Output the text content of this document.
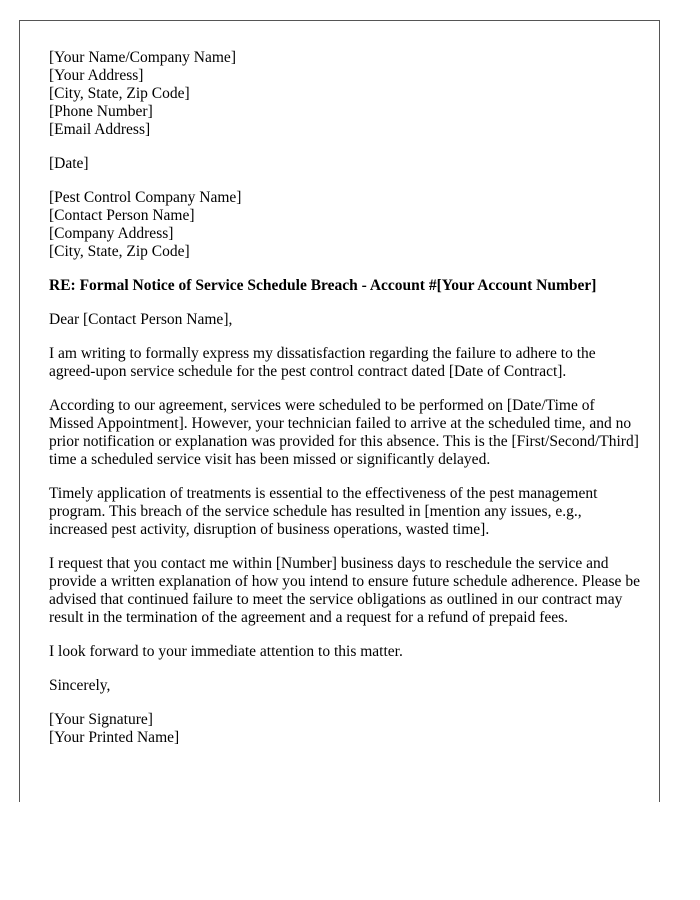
[Your Name/Company Name]
[Your Address]
[City, State, Zip Code]
[Phone Number]
[Email Address]
[Date]
[Pest Control Company Name]
[Contact Person Name]
[Company Address]
[City, State, Zip Code]
RE: Formal Notice of Service Schedule Breach - Account #[Your Account Number]

Dear [Contact Person Name],

I am writing to formally express my dissatisfaction regarding the failure to adhere to the agreed-upon service schedule for the pest control contract dated [Date of Contract].

According to our agreement, services were scheduled to be performed on [Date/Time of Missed Appointment]. However, your technician failed to arrive at the scheduled time, and no prior notification or explanation was provided for this absence. This is the [First/Second/Third] time a scheduled service visit has been missed or significantly delayed.

Timely application of treatments is essential to the effectiveness of the pest management program. This breach of the service schedule has resulted in [mention any issues, e.g., increased pest activity, disruption of business operations, wasted time].

I request that you contact me within [Number] business days to reschedule the service and provide a written explanation of how you intend to ensure future schedule adherence. Please be advised that continued failure to meet the service obligations as outlined in our contract may result in the termination of the agreement and a request for a refund of prepaid fees.

I look forward to your immediate attention to this matter.

Sincerely,

[Your Signature]
[Your Printed Name]
